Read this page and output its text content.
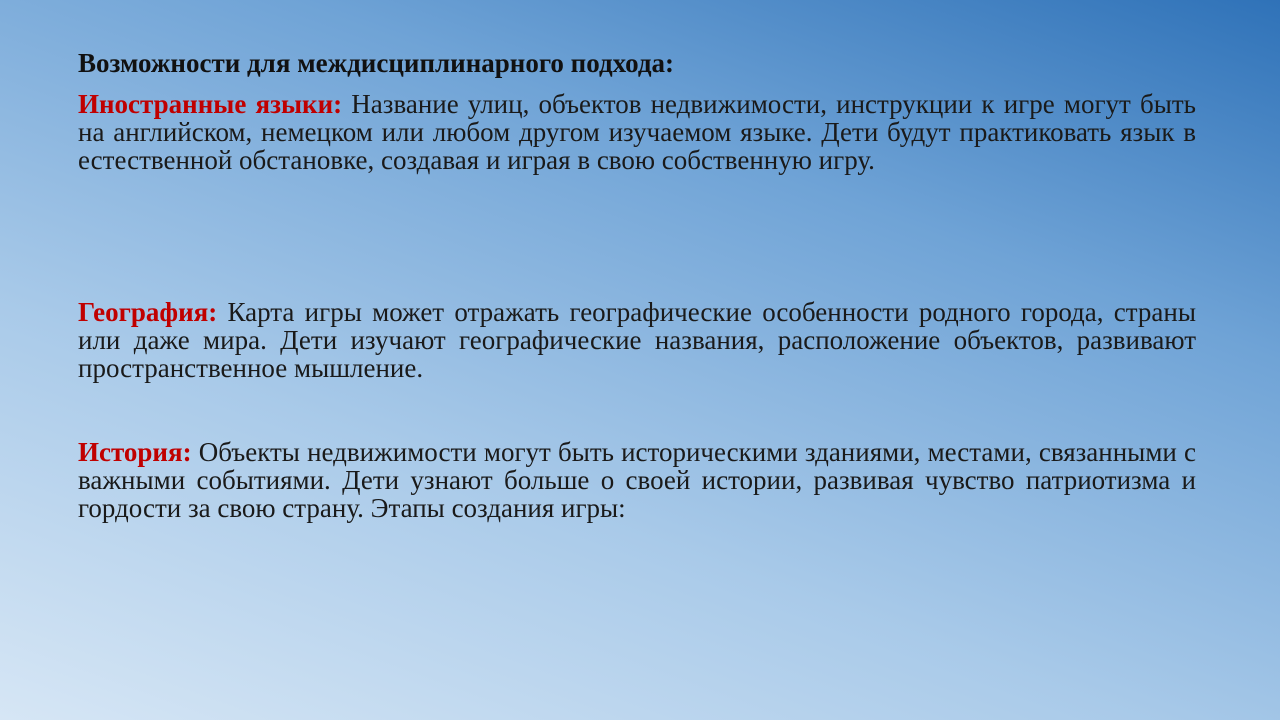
Возможности для междисциплинарного подхода:

Иностранные языки: Название улиц, объектов недвижимости, инструкции к игре могут быть на английском, немецком или любом другом изучаемом языке. Дети будут практиковать язык в естественной обстановке, создавая и играя в свою собственную игру.

География: Карта игры может отражать географические особенности родного города, страны или даже мира. Дети изучают географические названия, расположение объектов, развивают пространственное мышление.

История: Объекты недвижимости могут быть историческими зданиями, местами, связанными с важными событиями. Дети узнают больше о своей истории, развивая чувство патриотизма и гордости за свою страну. Этапы создания игры:
